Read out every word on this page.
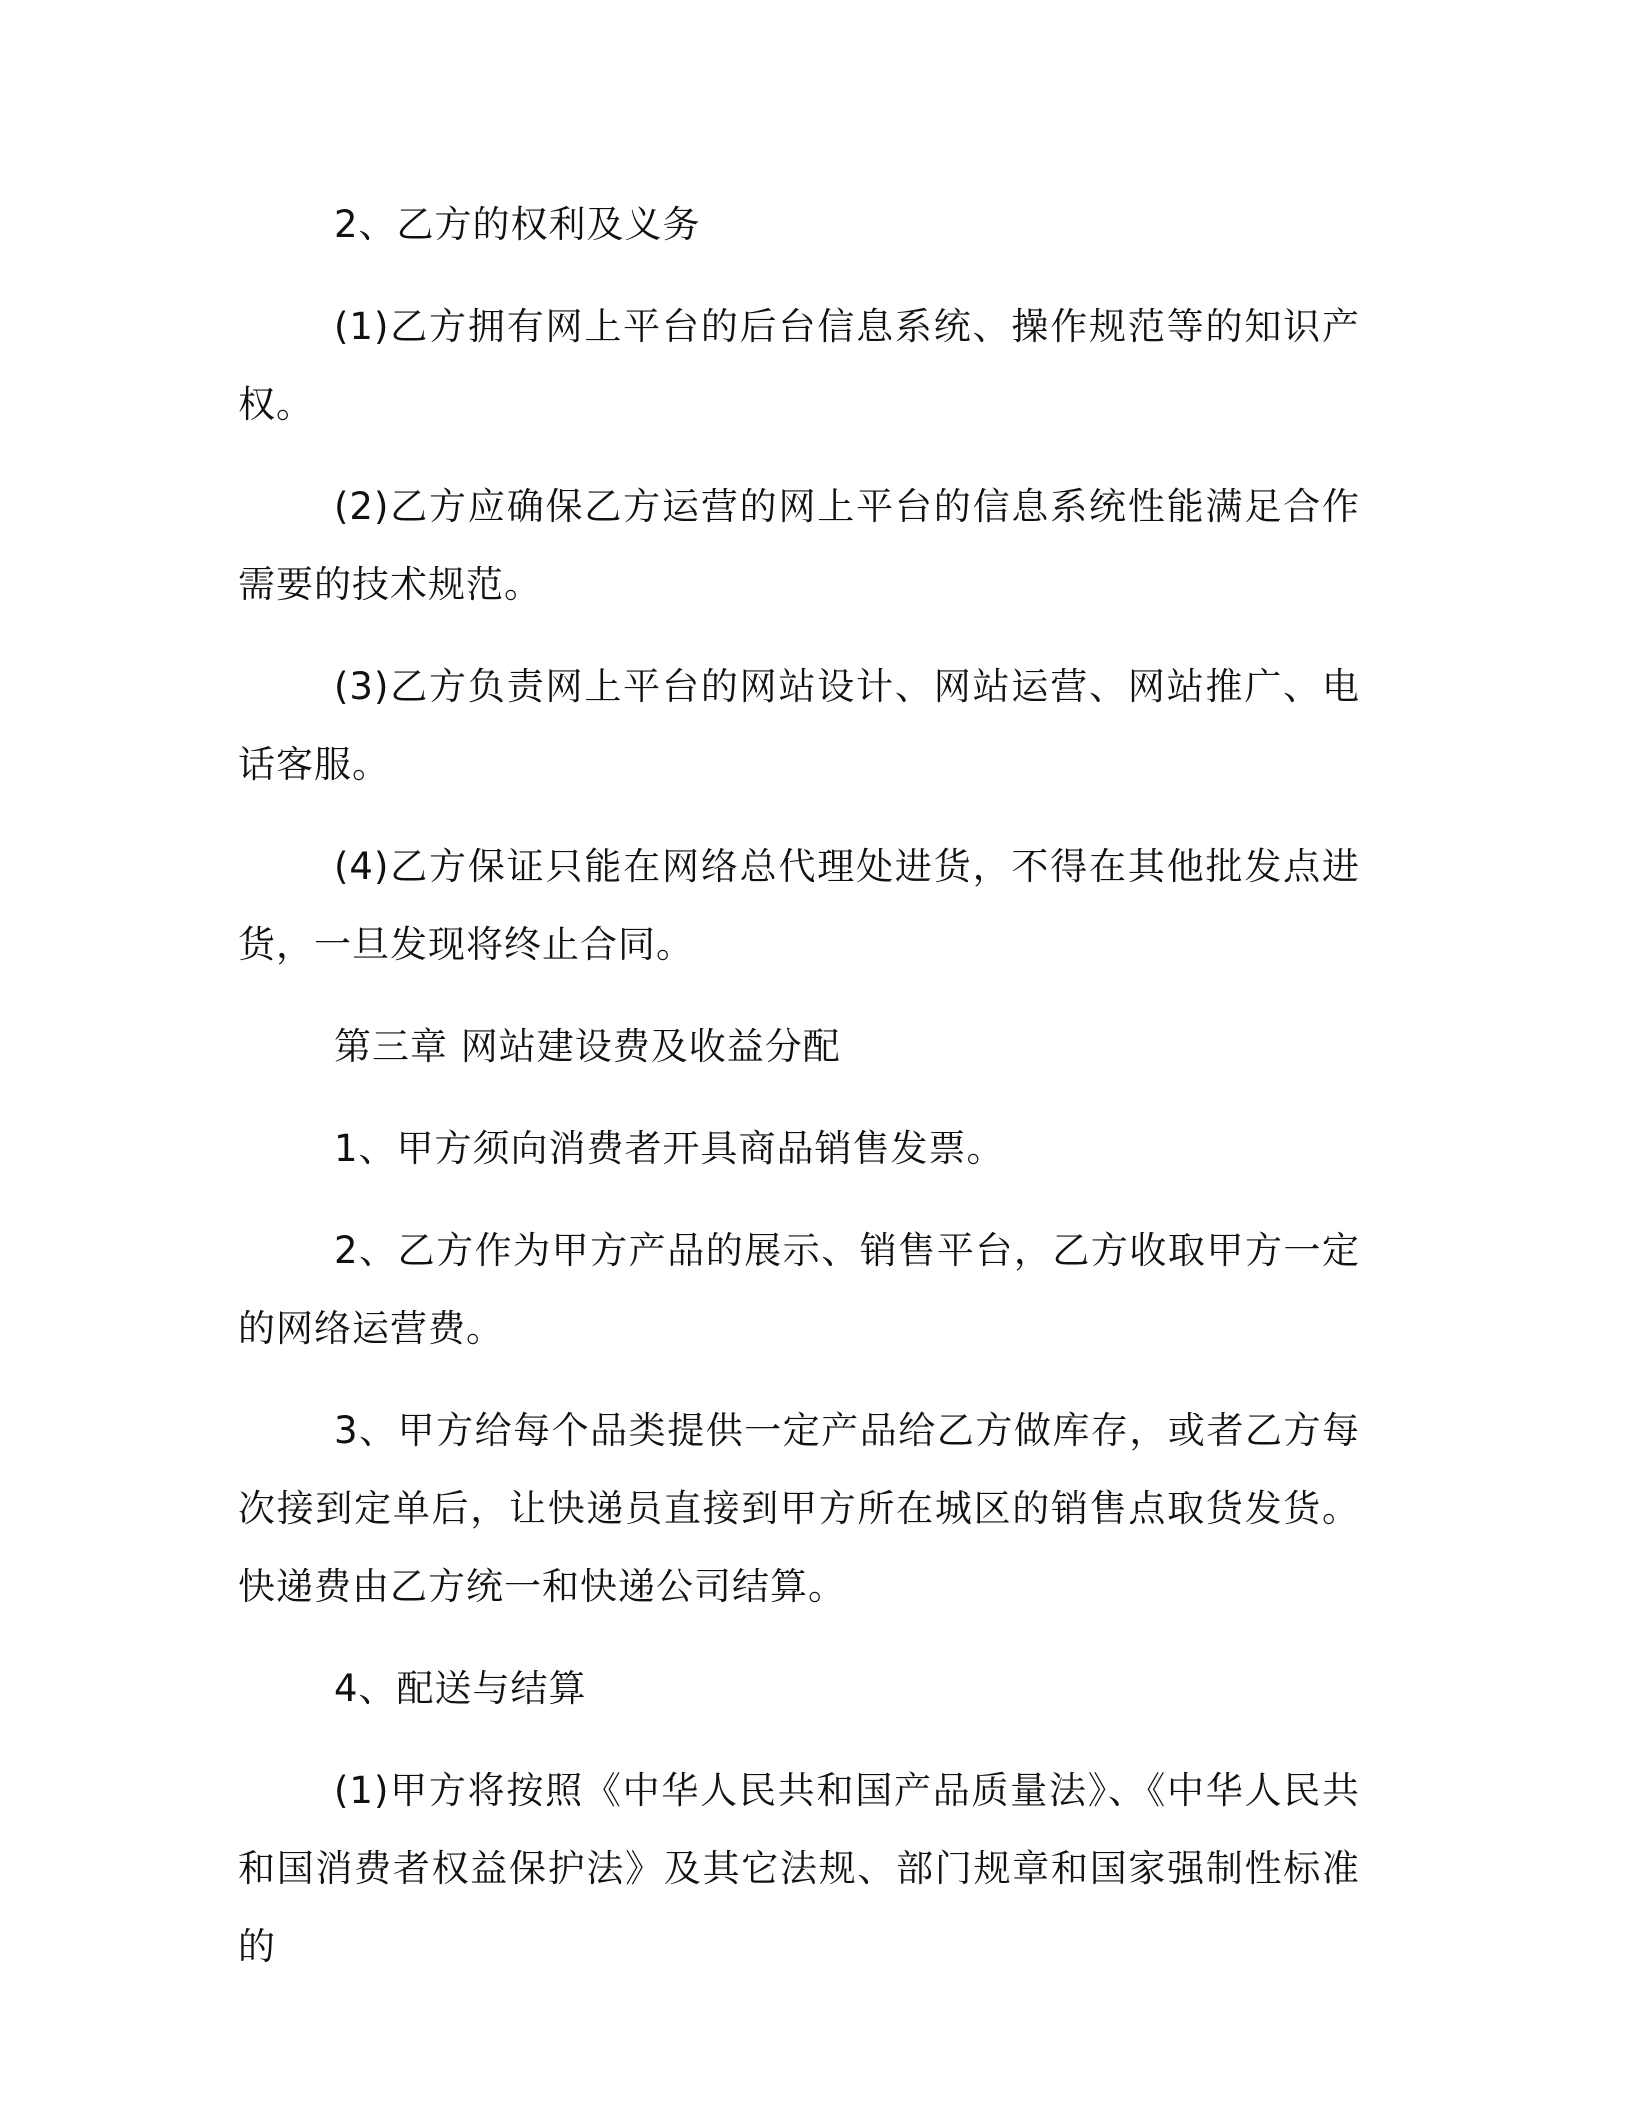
2、乙方的权利及义务

(1)乙方拥有网上平台的后台信息系统、操作规范等的知识产权。

(2)乙方应确保乙方运营的网上平台的信息系统性能满足合作需要的技术规范。

(3)乙方负责网上平台的网站设计、网站运营、网站推广、电话客服。

(4)乙方保证只能在网络总代理处进货，不得在其他批发点进货，一旦发现将终止合同。

第三章 网站建设费及收益分配

1、甲方须向消费者开具商品销售发票。

2、乙方作为甲方产品的展示、销售平台，乙方收取甲方一定的网络运营费。

3、甲方给每个品类提供一定产品给乙方做库存，或者乙方每次接到定单后，让快递员直接到甲方所在城区的销售点取货发货。快递费由乙方统一和快递公司结算。

4、配送与结算

(1)甲方将按照《中华人民共和国产品质量法》、《中华人民共和国消费者权益保护法》及其它法规、部门规章和国家强制性标准的
